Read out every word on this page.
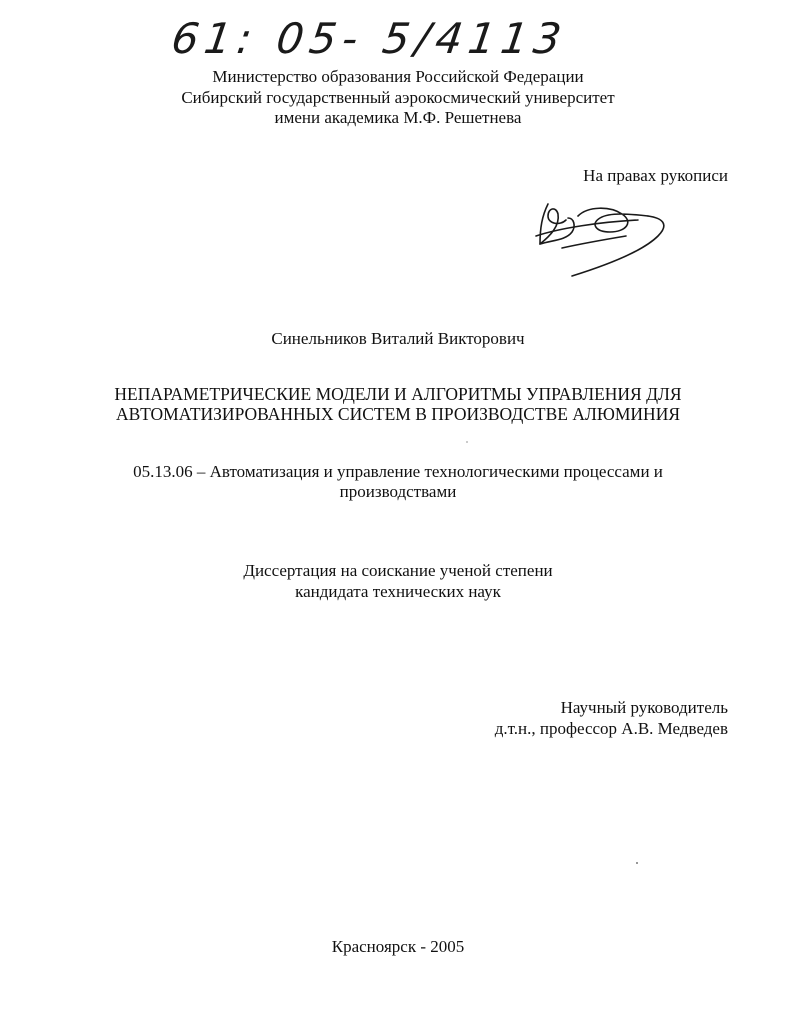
61: 05- 5/4113
Министерство образования Российской Федерации
Сибирский государственный аэрокосмический университет
имени академика М.Ф. Решетнева
На правах рукописи
Синельников Виталий Викторович
НЕПАРАМЕТРИЧЕСКИЕ МОДЕЛИ И АЛГОРИТМЫ УПРАВЛЕНИЯ ДЛЯ
АВТОМАТИЗИРОВАННЫХ СИСТЕМ В ПРОИЗВОДСТВЕ АЛЮМИНИЯ
05.13.06 – Автоматизация и управление технологическими процессами и
производствами
Диссертация на соискание ученой степени
кандидата технических наук
Научный руководитель
д.т.н., профессор А.В. Медведев
Красноярск - 2005
